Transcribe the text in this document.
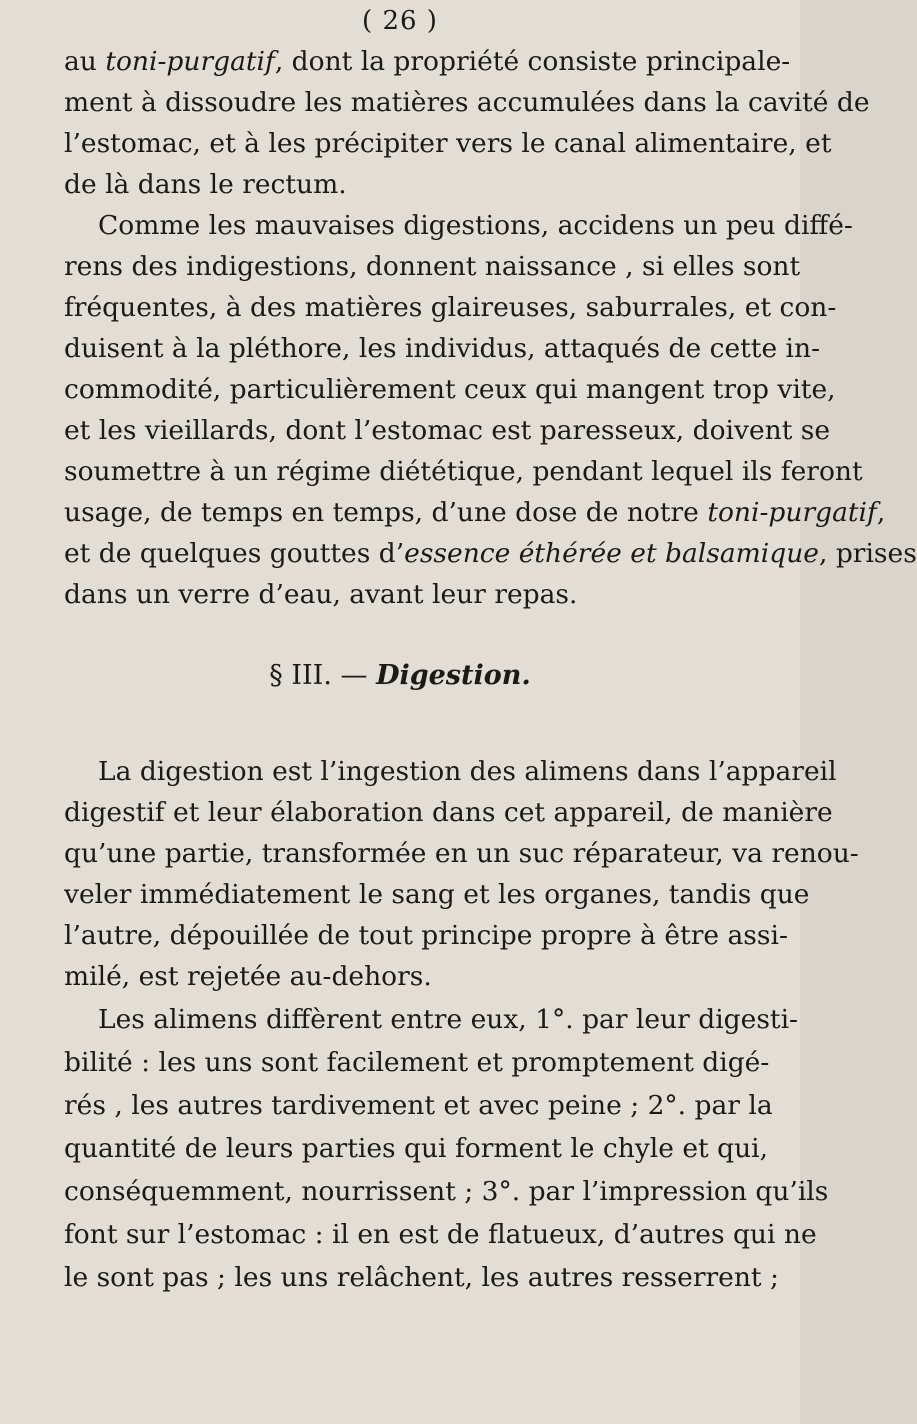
( 26 )
au toni-purgatif, dont la propriété consiste principale-
ment à dissoudre les matières accumulées dans la cavité de
l’estomac, et à les précipiter vers le canal alimentaire, et
de là dans le rectum.
Comme les mauvaises digestions, accidens un peu diffé-
rens des indigestions, donnent naissance , si elles sont
fréquentes, à des matières glaireuses, saburrales, et con-
duisent à la pléthore, les individus, attaqués de cette in-
commodité, particulièrement ceux qui mangent trop vite,
et les vieillards, dont l’estomac est paresseux, doivent se
soumettre à un régime diététique, pendant lequel ils feront
usage, de temps en temps, d’une dose de notre toni-purgatif,
et de quelques gouttes d’essence éthérée et balsamique, prises
dans un verre d’eau, avant leur repas.
§ III. — Digestion.
La digestion est l’ingestion des alimens dans l’appareil
digestif et leur élaboration dans cet appareil, de manière
qu’une partie, transformée en un suc réparateur, va renou-
veler immédiatement le sang et les organes, tandis que
l’autre, dépouillée de tout principe propre à être assi-
milé, est rejetée au-dehors.
Les alimens diffèrent entre eux, 1°. par leur digesti-
bilité : les uns sont facilement et promptement digé-
rés , les autres tardivement et avec peine ; 2°. par la
quantité de leurs parties qui forment le chyle et qui,
conséquemment, nourrissent ; 3°. par l’impression qu’ils
font sur l’estomac : il en est de flatueux, d’autres qui ne
le sont pas ; les uns relâchent, les autres resserrent ;
